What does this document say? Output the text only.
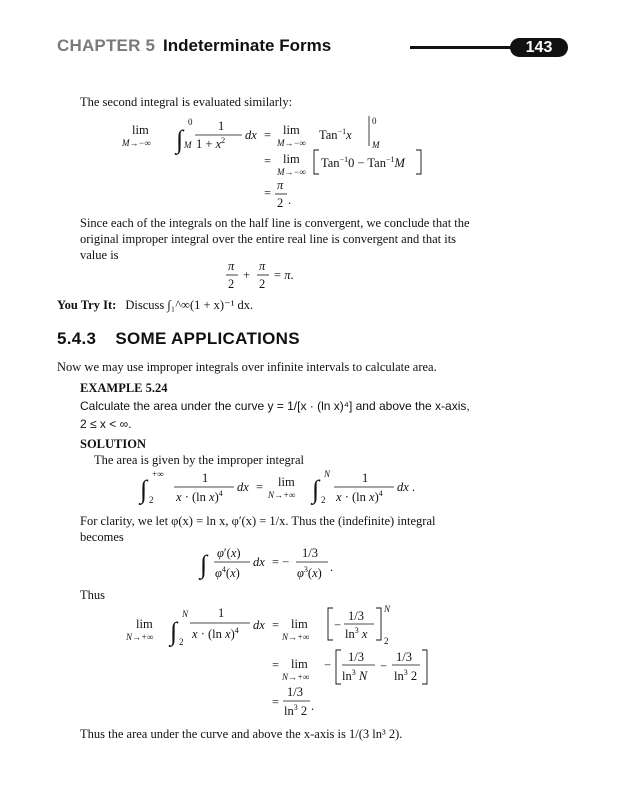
CHAPTER 5 Indeterminate Forms	143
The second integral is evaluated similarly:
lim
M→−∞ ∫
0
M
1
$1 + x^2$ dx = lim
M→−∞
Tan$^{-1}$x
0
M
= lim
M→−∞
Tan$^{-1}$0 − Tan$^{-1}$M
=
π
2 .
Since each of the integrals on the half line is convergent, we conclude that the
original improper integral over the entire real line is convergent and that its
value is
π
2
+
π
2
= π.
You Try It: Discuss ∫₁^∞(1 + x)⁻¹ dx.
5.4.3 SOME APPLICATIONS
Now we may use improper integrals over infinite intervals to calculate area.
EXAMPLE 5.24
Calculate the area under the curve y = 1/[x · (ln x)⁴] and above the x-axis,
2 ≤ x < ∞.
SOLUTION
The area is given by the improper integral
∫
+∞
2
1
x · (ln x)$^4$ dx = lim
N→+∞ ∫
N
2
1
x · (ln x)$^4$ dx .
For clarity, we let φ(x) = ln x, φ′(x) = 1/x. Thus the (indefinite) integral
becomes
∫ φ′(x)
$\varphi^4(x)$
dx = −
1/3
$\varphi^3(x)$ .
Thus
lim
N→+∞ ∫
N
2
1
x · (ln x)$^4$ dx = lim
N→+∞
−
1/3
$\ln^3 x$
N
2
= lim
N→+∞
−
1/3
$\ln^3 N$
−
1/3
$\ln^3 2$
=
1/3
$\ln^3 2$ .
Thus the area under the curve and above the x-axis is 1/(3 ln³ 2).
